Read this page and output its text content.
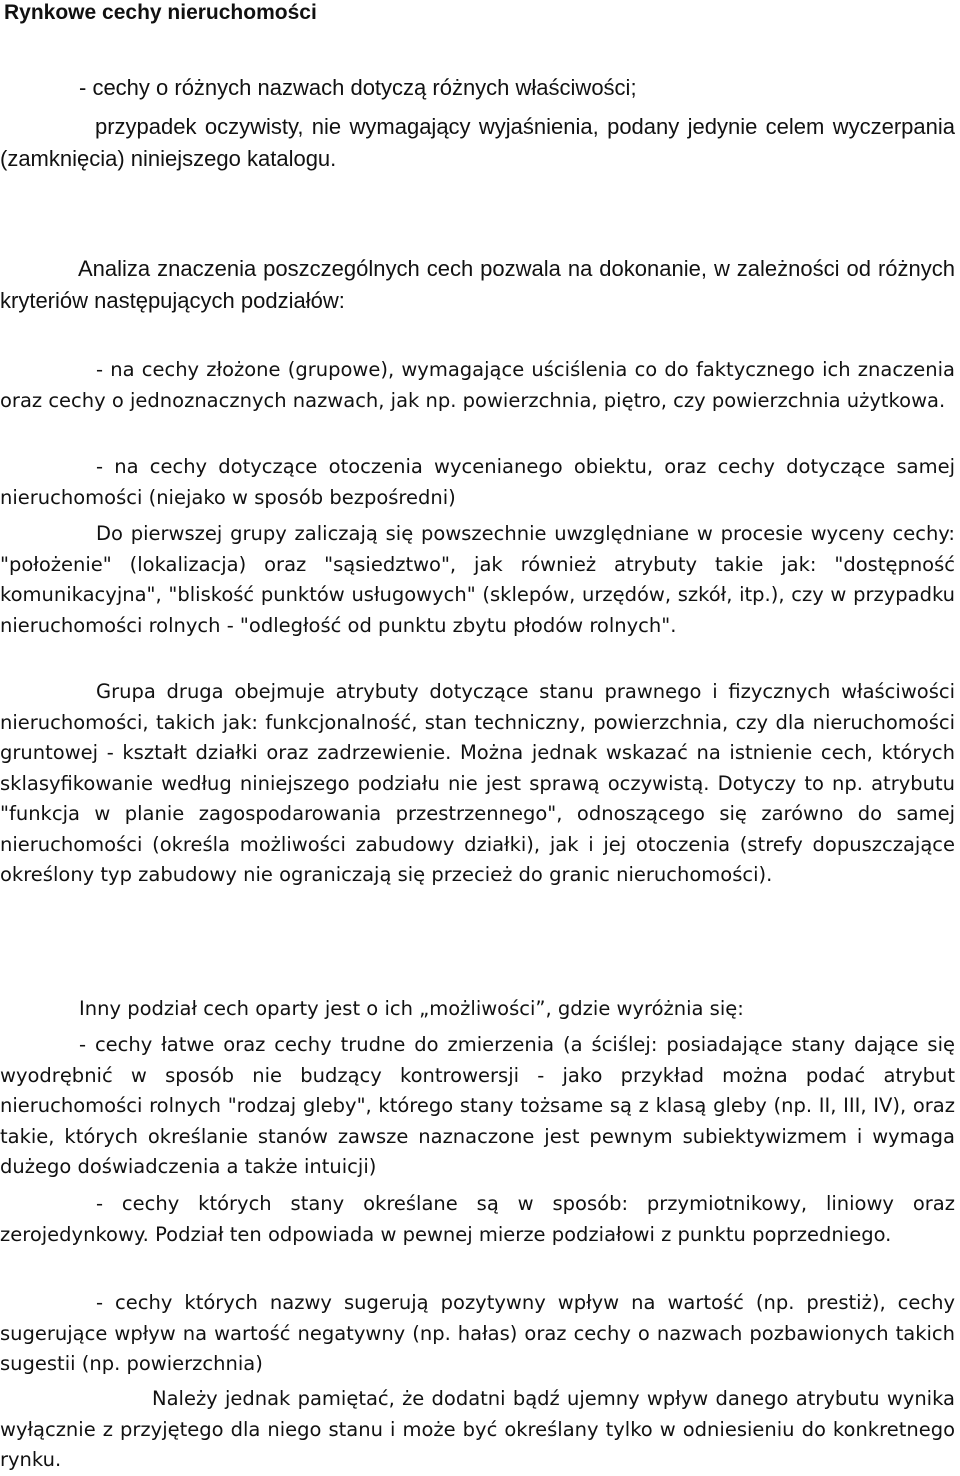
Rynkowe cechy nieruchomości

- cechy o różnych nazwach dotyczą różnych właściwości;

przypadek oczywisty, nie wymagający wyjaśnienia, podany jedynie celem wyczerpania (zamknięcia) niniejszego katalogu.

Analiza znaczenia poszczególnych cech pozwala na dokonanie, w zależności od różnych kryteriów następujących podziałów:

- na cechy złożone (grupowe), wymagające uściślenia co do faktycznego ich znaczenia oraz cechy o jednoznacznych nazwach, jak np. powierzchnia, piętro, czy powierzchnia użytkowa.

- na cechy dotyczące otoczenia wycenianego obiektu, oraz cechy dotyczące samej nieruchomości (niejako w sposób bezpośredni)

Do pierwszej grupy zaliczają się powszechnie uwzględniane w procesie wyceny cechy: "położenie" (lokalizacja) oraz "sąsiedztwo", jak również atrybuty takie jak: "dostępność komunikacyjna", "bliskość punktów usługowych" (sklepów, urzędów, szkół, itp.), czy w przypadku nieruchomości rolnych - "odległość od punktu zbytu płodów rolnych".

Grupa druga obejmuje atrybuty dotyczące stanu prawnego i fizycznych właściwości nieruchomości, takich jak: funkcjonalność, stan techniczny, powierzchnia, czy dla nieruchomości gruntowej - kształt działki oraz zadrzewienie. Można jednak wskazać na istnienie cech, których sklasyfikowanie według niniejszego podziału nie jest sprawą oczywistą. Dotyczy to np. atrybutu "funkcja w planie zagospodarowania przestrzennego", odnoszącego się zarówno do samej nieruchomości (określa możliwości zabudowy działki), jak i jej otoczenia (strefy dopuszczające określony typ zabudowy nie ograniczają się przecież do granic nieruchomości).

Inny podział cech oparty jest o ich „możliwości”, gdzie wyróżnia się:

- cechy łatwe oraz cechy trudne do zmierzenia (a ściślej: posiadające stany dające się wyodrębnić w sposób nie budzący kontrowersji - jako przykład można podać atrybut nieruchomości rolnych "rodzaj gleby", którego stany tożsame są z klasą gleby (np. II, III, IV), oraz takie, których określanie stanów zawsze naznaczone jest pewnym subiektywizmem i wymaga dużego doświadczenia a także intuicji)

- cechy których stany określane są w sposób: przymiotnikowy, liniowy oraz zerojedynkowy. Podział ten odpowiada w pewnej mierze podziałowi z punktu poprzedniego.

- cechy których nazwy sugerują pozytywny wpływ na wartość (np. prestiż), cechy sugerujące wpływ na wartość negatywny (np. hałas) oraz cechy o nazwach pozbawionych takich sugestii (np. powierzchnia)

Należy jednak pamiętać, że dodatni bądź ujemny wpływ danego atrybutu wynika wyłącznie z przyjętego dla niego stanu i może być określany tylko w odniesieniu do konkretnego rynku.
